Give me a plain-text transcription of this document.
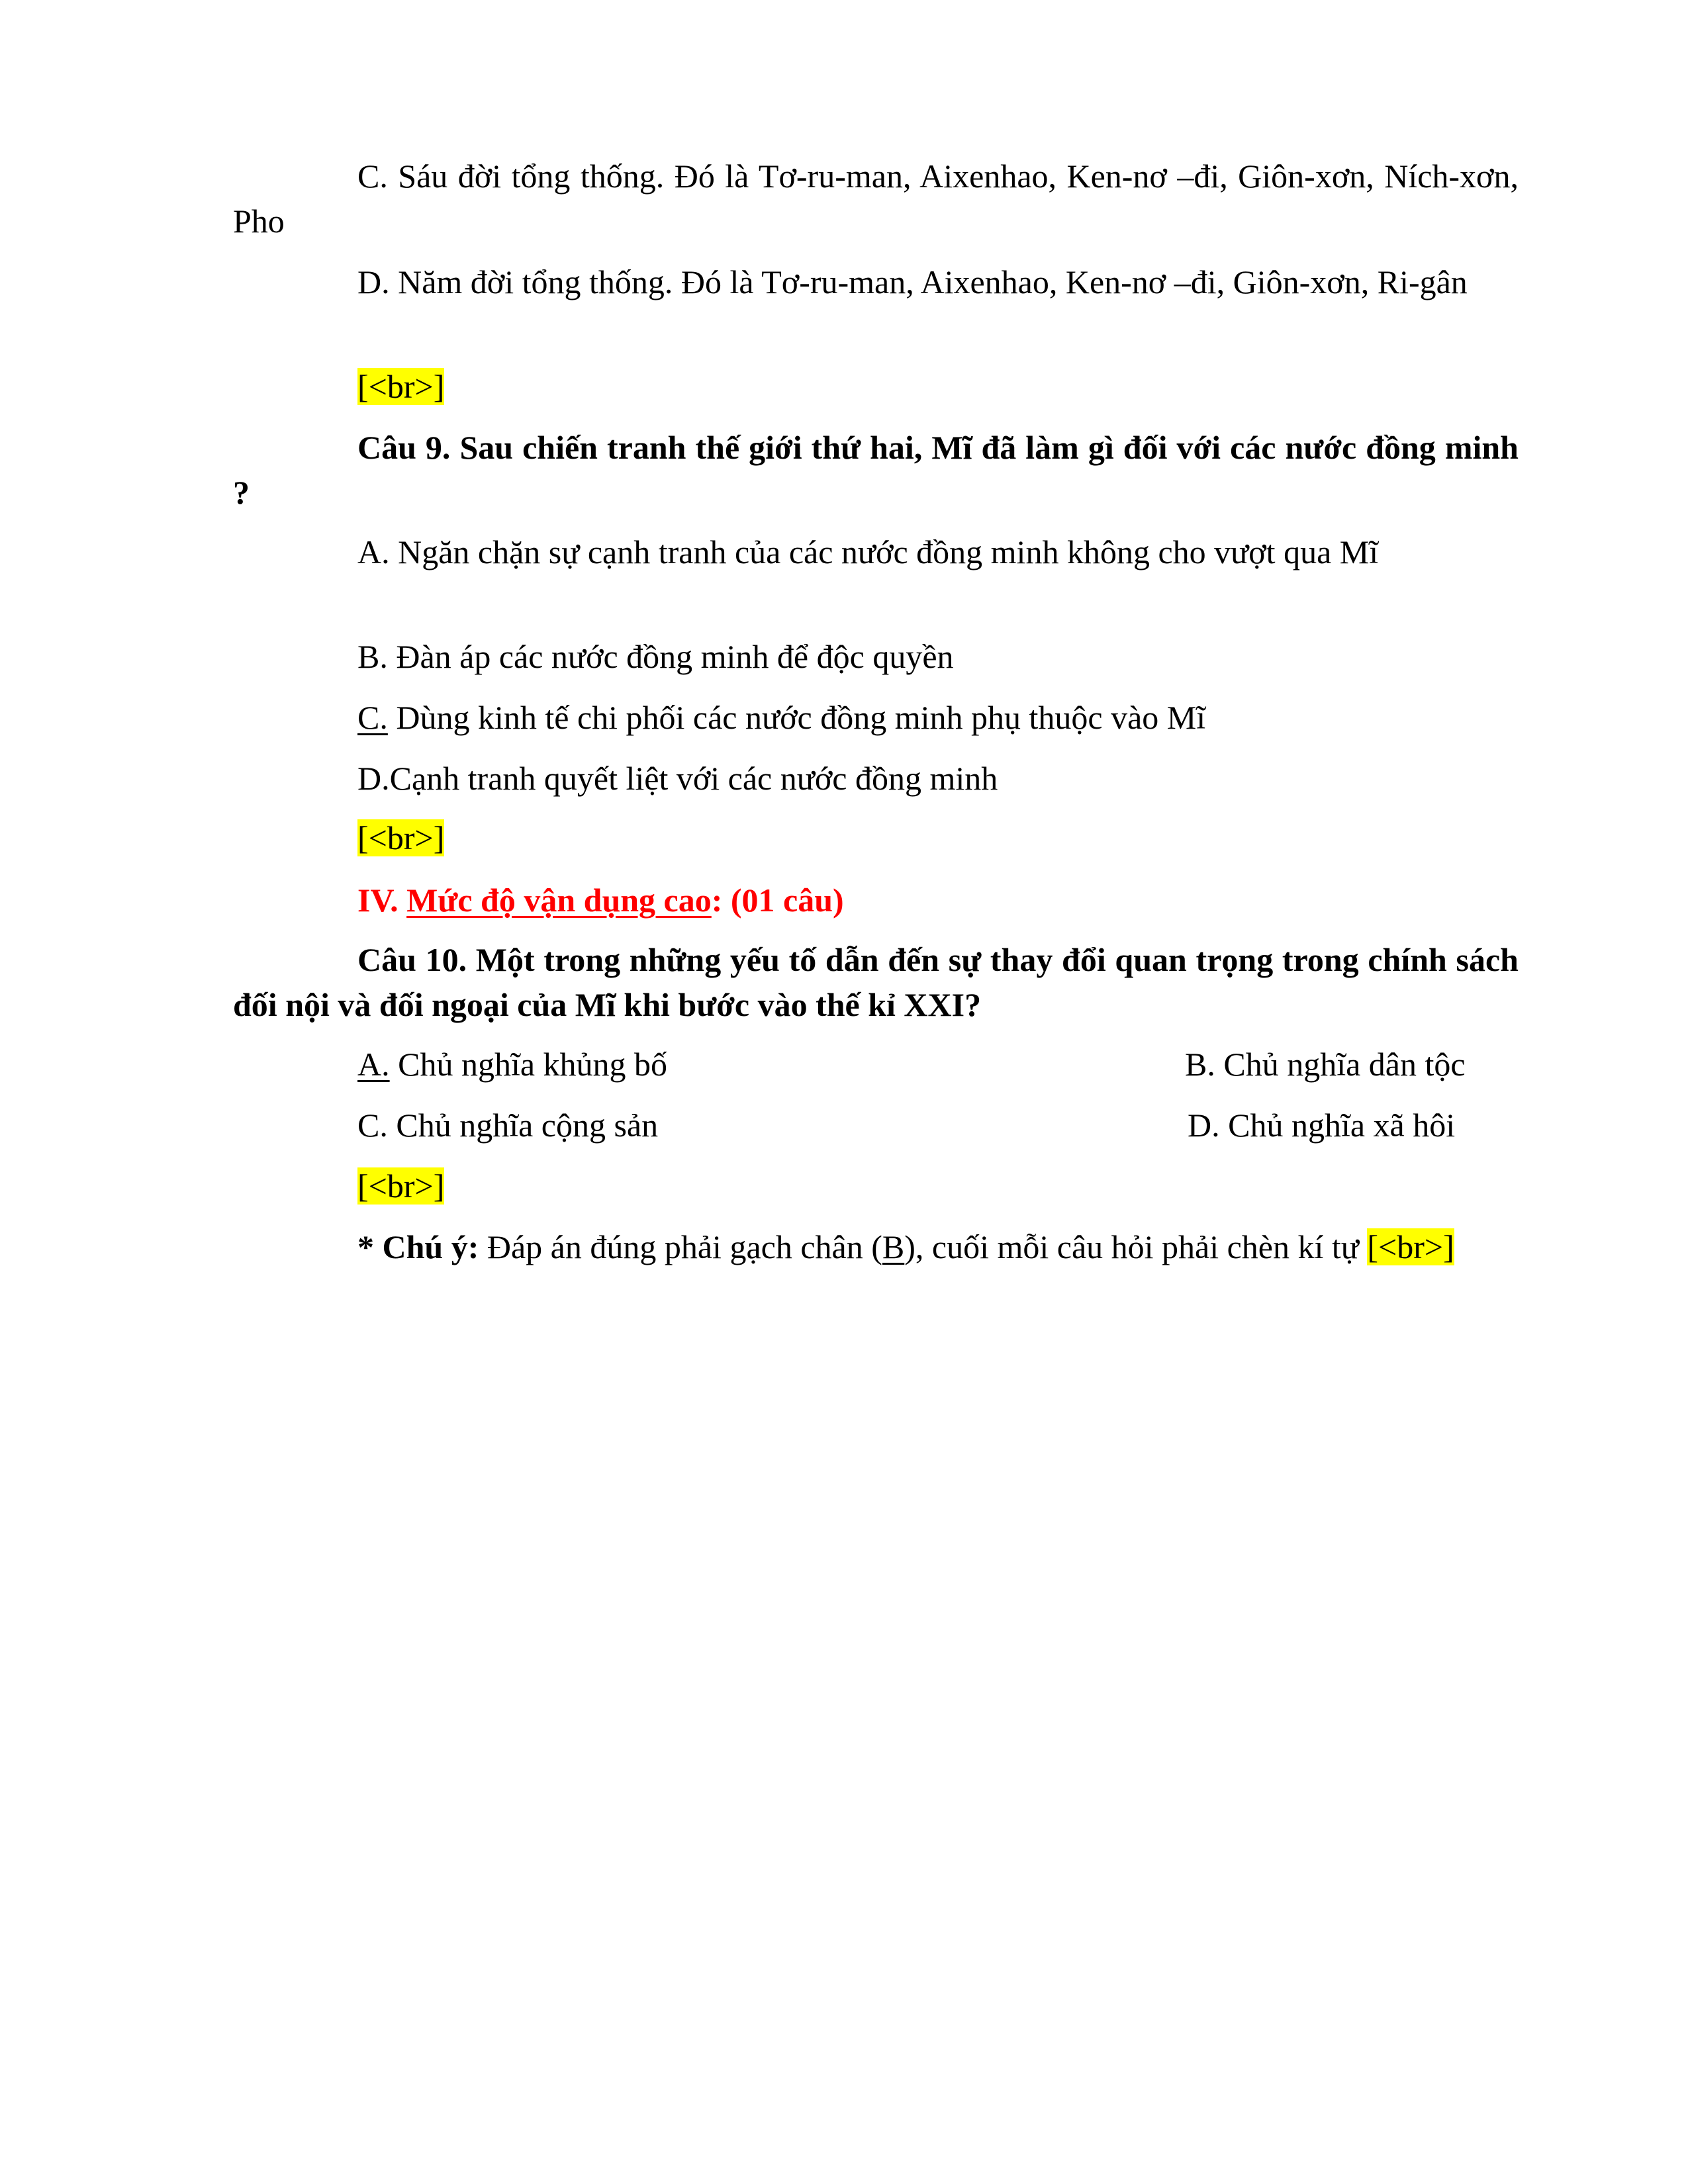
C. Sáu đời tổng thống. Đó là Tơ-ru-man, Aixenhao, Ken-nơ –đi, Giôn-xơn, Ních-xơn, Pho
D. Năm đời tổng thống. Đó là Tơ-ru-man, Aixenhao, Ken-nơ –đi, Giôn-xơn, Ri-gân
[<br>]
Câu 9. Sau chiến tranh thế giới thứ hai, Mĩ đã làm gì đối với các nước đồng minh ?
A. Ngăn chặn sự cạnh tranh của các nước đồng minh không cho vượt qua Mĩ
B. Đàn áp các nước đồng minh để độc quyền
C. Dùng kinh tế chi phối các nước đồng minh phụ thuộc vào Mĩ
D.Cạnh tranh quyết liệt với các nước đồng minh
[<br>]
IV. Mức độ vận dụng cao: (01 câu)
Câu 10. Một trong những yếu tố dẫn đến sự thay đổi quan trọng trong chính sách đối nội và đối ngoại của Mĩ khi bước vào thế kỉ XXI?
A. Chủ nghĩa khủng bố	B. Chủ nghĩa dân tộc
C. Chủ nghĩa cộng sản	D. Chủ nghĩa xã hôi
[<br>]
* Chú ý: Đáp án đúng phải gạch chân (B), cuối mỗi câu hỏi phải chèn kí tự [<br>]
